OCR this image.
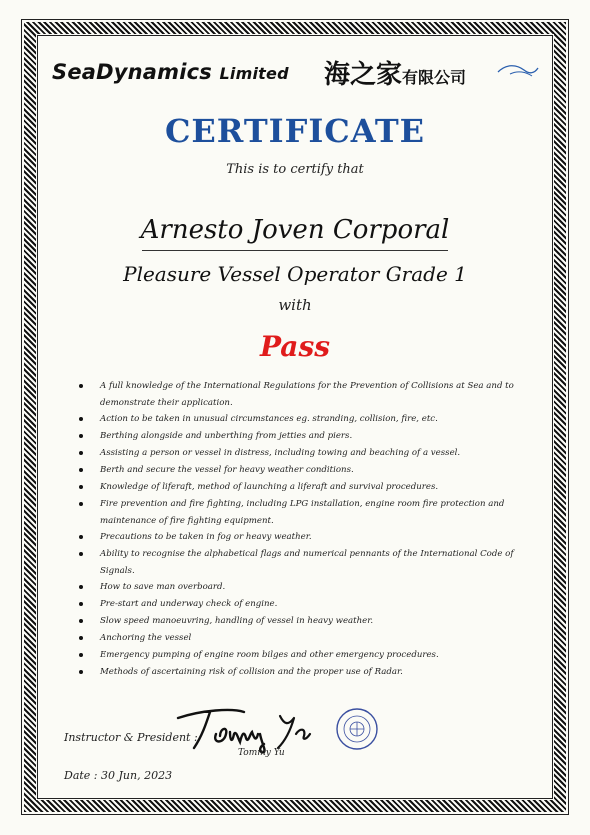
SeaDynamics Limited 海之家有限公司
CERTIFICATE
This is to certify that
Arnesto Joven Corporal
Pleasure Vessel Operator Grade 1
with
Pass
A full knowledge of the International Regulations for the Prevention of Collisions at Sea and to demonstrate their application.
Action to be taken in unusual circumstances eg. stranding, collision, fire, etc.
Berthing alongside and unberthing from jetties and piers.
Assisting a person or vessel in distress, including towing and beaching of a vessel.
Berth and secure the vessel for heavy weather conditions.
Knowledge of liferaft, method of launching a liferaft and survival procedures.
Fire prevention and fire fighting, including LPG installation, engine room fire protection and maintenance of fire fighting equipment.
Precautions to be taken in fog or heavy weather.
Ability to recognise the alphabetical flags and numerical pennants of the International Code of Signals.
How to save man overboard.
Pre-start and underway check of engine.
Slow speed manoeuvring, handling of vessel in heavy weather.
Anchoring the vessel
Emergency pumping of engine room bilges and other emergency procedures.
Methods of ascertaining risk of collision and the proper use of Radar.
Instructor & President :
Tommy Yu
Date : 30 Jun, 2023
